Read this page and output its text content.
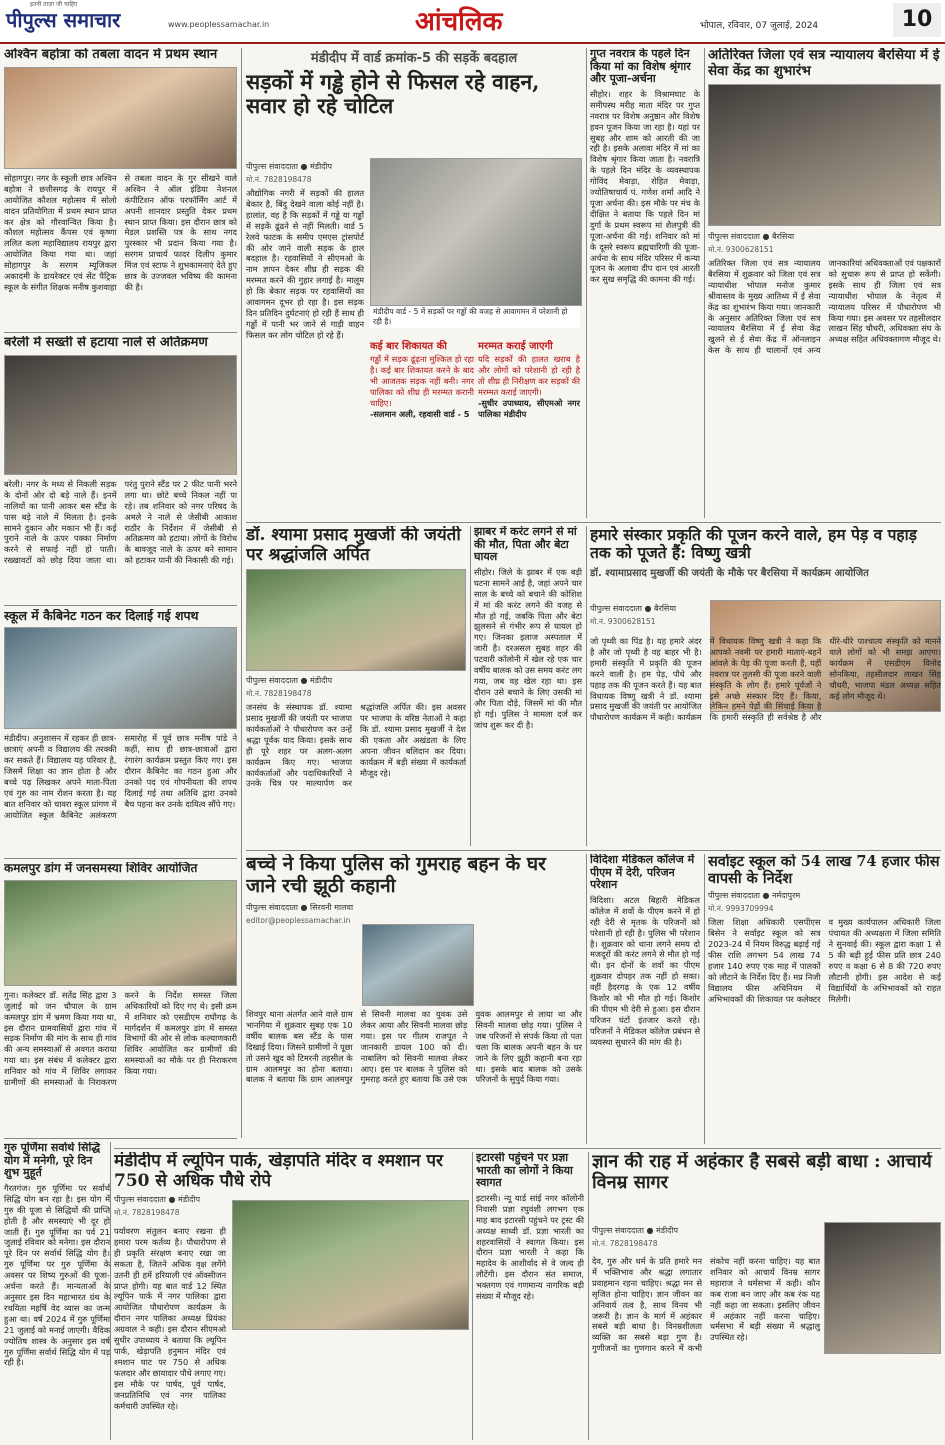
इतनी ताज़ा जी चाहिए
पीपुल्स समाचार	www.peoplessamachar.in	आंचलिक	भोपाल, रविवार, 07 जुलाई, 2024	10
अश्विन बहोत्रा को तबला वादन में प्रथम स्थान
सोहागपुर। नगर के स्कूली छात्र अश्विन बहोत्रा ने छत्तीसगढ़ के रायपुर में आयोजित कौशल महोत्सव में सोलो वादन प्रतियोगिता में प्रथम स्थान प्राप्त कर क्षेत्र को गौरवान्वित किया है। कौशल महोत्सव कैंपस एवं कृष्णा ललित कला महाविद्यालय रायपुर द्वारा आयोजित किया गया था। जहां सोहागपुर के सरगम म्यूजिकल अकादमी के डायरेक्टर एवं सेंट पैट्रिक स्कूल के संगीत शिक्षक मनीष कुशवाहा से तबला वादन के गुर सीखने वाले अश्विन ने ऑल इंडिया नेशनल कंपीटिशन ऑफ परफॉर्मिंग आर्ट में अपनी शानदार प्रस्तुति देकर प्रथम स्थान प्राप्त किया। इस दौरान छात्र को मेडल प्रशस्ति पत्र के साथ नगद पुरस्कार भी प्रदान किया गया है। सरगम प्राचार्य फादर दिलीप कुमार मिंज एवं स्टाफ ने शुभकामनाएं देते हुए छात्र के उज्जवल भविष्य की कामना की है।
बरेली में सख्ती से हटाया नाले से अतिक्रमण
बरेली। नगर के मध्य से निकली सड़क के दोनों ओर दो बड़े नाले हैं। इनमें नालियों का पानी आकर बस स्टैंड के पास बड़े नाले में मिलता है। इनके सामने दुकान और मकान भी हैं। कई पुराने नाले के ऊपर पक्का निर्माण करने से सफाई नहीं हो पाती। रख्खावटों को छोड़ दिया जाता था। परंतु पुराने स्टैंड पर 2 फीट पानी भरने लगा था। छोटे बच्चे निकल नहीं पा रहे। तब शनिवार को नगर परिषद के अमले ने नाले से जेसीबी आकाश राठौर के निर्देशन में जेसीबी से अतिक्रमण को हटाया। लोगों के विरोध के बावजूद नाले के ऊपर बने सामान को हटाकर पानी की निकासी की गई।
स्कूल में कैबिनेट गठन कर दिलाई गई शपथ
मंडीदीप। अनुशासन में रहकर ही छात्र-छात्राएं अपनी व विद्यालय की तरक्की कर सकते हैं। विद्यालय यह परिवार है, जिसमें शिक्षा का ज्ञान होता है और बच्चे पढ़ लिखकर अपने माता-पिता एवं गुरु का नाम रोशन करता है। यह बात शनिवार को चावरा स्कूल प्रांगण में आयोजित स्कूल कैबिनेट अलंकरण समारोह में पूर्व छात्र मनीष पांडे ने कहीं, साथ ही छात्र-छात्राओं द्वारा रंगारंग कार्यक्रम प्रस्तुत किए गए। इस दौरान कैबिनेट का गठन हुआ और उनको पद एवं गोपनीयता की शपथ दिलाई गई तथा अतिथि द्वारा उनको बैच पहना कर उनके दायित्व सौंपे गए।
कमलपुर डांग में जनसमस्या शिविर आयोजित
गुना। कलेक्टर डॉ. सतेंद्र सिंह द्वारा 3 जुलाई को जन चौपाल के ग्राम कमलपुर डांग में भ्रमण किया गया था, इस दौरान ग्रामवासियों द्वारा गांव में सड़क निर्माण की मांग के साथ ही गांव की अन्य समस्याओं से अवगत कराया गया था। इस संबंध में कलेक्टर द्वारा शनिवार को गांव में शिविर लगाकर ग्रामीणों की समस्याओं के निराकरण करने के निर्देश समस्त जिला अधिकारियों को दिए गए थे। इसी क्रम में शनिवार को एसडीएम राघौगढ़ के मार्गदर्शन में कमलपुर डांग में समस्त विभागों की ओर से लोक कल्याणकारी शिविर आयोजित कर ग्रामीणों की समस्याओं का मौके पर ही निराकरण किया गया।
गुरु पूर्णिमा सर्वार्थ सिद्धि योग में मनेगी, पूरे दिन शुभ मुहूर्त
गैरतगंज। गुरु पूर्णिमा पर सर्वार्थ सिद्धि योग बन रहा है। इस योग में गुरु की पूजा से सिद्धियों की प्राप्ति होती है और समस्याएं भी दूर हो जाती हैं। गुरु पूर्णिमा का पर्व 21 जुलाई रविवार को मनेगा। इस दौरान पूरे दिन पर सर्वार्थ सिद्धि योग है। गुरु पूर्णिमा पर गुरु पूर्णिमा के अवसर पर शिष्य गुरुओं की पूजा-अर्चना करते हैं। मान्यताओं के अनुसार इस दिन महाभारत ग्रंथ के रचयिता महर्षि वेद व्यास का जन्म हुआ था। वर्ष 2024 में गुरु पूर्णिमा 21 जुलाई को मनाई जाएगी। वैदिक ज्योतिष शास्त्र के अनुसार इस वर्ष गुरु पूर्णिमा सर्वार्थ सिद्धि योग में पड़ रही है।
मंडीदीप में वार्ड क्रमांक-5 की सड़कें बदहाल
सड़कों में गड्ढे होने से फिसल रहे वाहन, सवार हो रहे चोटिल
पीपुल्स संवाददाता ● मंडीदीप
मो.नं. 7828198478
औद्योगिक नगरी में सड़कों की हालत बेकार है, बिंदु देखने वाला कोई नहीं है। हालांत, वह है कि सड़कों में गड्ढे या गड्ढों में सड़कें ढूंढने से नहीं मिलती। वार्ड 5 रेलवे फाटक के समीप एमएस ट्रांसपोर्ट की ओर जाने वाली सड़क के हाल बदहाल है। रहवासियों ने सीएमओ के नाम ज्ञापन देकर शीघ्र ही सड़क की मरम्मत करने की गुहार लगाई है। मालूम हो कि बेकार सड़क पर रहवासियों का आवागमन दूभर हो रहा है। इस सड़क दिन प्रतिदिन दुर्घटनाएं हो रही हैं साथ ही गड्ढों में पानी भर जाने से गाड़ी वाहन फिसल कर लोग चोटिल हो रहे हैं।
मंडीदीप वार्ड - 5 में सड़कों पर गड्ढों की वजह से आवागमन में परेशानी हो रही है।
कई बार शिकायत की
गड्ढों में सड़क ढूंढ़ना मुश्किल हो रहा है। कई बार शिकायत करने के बाद भी आजतक सड़क नहीं बनी। नगर पालिका को शीघ्र ही मरम्मत करानी चाहिए।
-सलमान अली, रहवासी वार्ड - 5
मरम्मत कराई जाएगी
यदि सड़कों की हालत खराब है और लोगों को परेशानी हो रही है तो शीघ्र ही निरीक्षण कर सड़कों की मरम्मत कराई जाएगी।
-सुधीर उपाध्याय, सीएमओ नगर पालिका मंडीदीप
गुप्त नवरात्र के पहले दिन किया मां का विशेष श्रृंगार और पूजा-अर्चना
सीहोर। शहर के विश्रामघाट के समीपस्थ मरीह माता मंदिर पर गुप्त नवरात्र पर विशेष अनुष्ठान और विशेष हवन पूजन किया जा रहा है। यहां पर सुबह और शाम को आरती की जा रही है। इसके अलावा मंदिर में मां का विशेष श्रृंगार किया जाता है। नवरात्रि के पहले दिन मंदिर के व्यवस्थापक गोविंद मेवाड़ा, रोहित मेवाड़ा, ज्योतिषाचार्य पं. गणेश शर्मा आदि ने पूजा अर्चना की। इस मौके पर मंच के दीक्षित ने बताया कि पहले दिन मां दुर्गा के प्रथम स्वरूप मां शैलपुत्री की पूजा-अर्चना की गई। शनिवार को मां के दूसरे स्वरूप ब्रह्मचारिणी की पूजा-अर्चना के साथ मंदिर परिसर में कन्या पूजन के अलावा दीप दान एवं आरती कर सुख समृद्धि की कामना की गई।
अतिरिक्त जिला एवं सत्र न्यायालय बैरसिया में ई सेवा केंद्र का शुभारंभ
पीपुल्स संवाददाता ● बैरसिया
मो.नं. 9300628151
अतिरिक्त जिला एवं सत्र न्यायालय बैरसिया में शुक्रवार को जिला एवं सत्र न्यायाधीश भोपाल मनोज कुमार श्रीवास्तव के मुख्य आतिथ्य में ई सेवा केंद्र का शुभारंभ किया गया। जानकारी के अनुसार अतिरिक्त जिला एवं सत्र न्यायालय बैरसिया में ई सेवा केंद्र खुलने से ई सेवा केंद्र में ऑनलाइन केस के साथ ही चालानों एवं अन्य जानकारियां अधिवक्ताओं एवं पक्षकारों को सुचारू रूप से प्राप्त हो सकेंगी। इसके साथ ही जिला एवं सत्र न्यायाधीश भोपाल के नेतृत्व में न्यायालय परिसर में पौधारोपण भी किया गया। इस अवसर पर तहसीलदार लाखन सिंह चौधरी, अधिवक्ता संघ के अध्यक्ष सहित अधिवक्तागण मौजूद थे।
डॉ. श्यामा प्रसाद मुखर्जी की जयंती पर श्रद्धांजलि अर्पित
पीपुल्स संवाददाता ● मंडीदीप
मो.नं. 7828198478
जनसंघ के संस्थापक डॉ. श्यामा प्रसाद मुखर्जी की जयंती पर भाजपा कार्यकर्ताओं ने पौधारोपण कर उन्हें श्रद्धा पूर्वक याद किया। इसके साथ ही पूरे शहर पर अलग-अलग कार्यक्रम किए गए। भाजपा कार्यकर्ताओं और पदाधिकारियों ने उनके चित्र पर माल्यार्पण कर श्रद्धांजलि अर्पित की। इस अवसर पर भाजपा के वरिष्ठ नेताओं ने कहा कि डॉ. श्यामा प्रसाद मुखर्जी ने देश की एकता और अखंडता के लिए अपना जीवन बलिदान कर दिया। कार्यक्रम में बड़ी संख्या में कार्यकर्ता मौजूद रहे।
झाबर में करंट लगने से मां की मौत, पिता और बेटा घायल
सीहोर। जिले के झाबर में एक बड़ी घटना सामने आई है, जहां अपने चार साल के बच्चे को बचाने की कोशिश में मां की करंट लगने की वजह से मौत हो गई, जबकि पिता और बेटा झुलसने से गंभीर रूप से घायल हो गए। जिनका इलाज अस्पताल में जारी है। दरअसल सुबह शहर की पटवारी कॉलोनी में खेल रहे एक चार वर्षीय बालक को उस समय करंट लग गया, जब वह खेल रहा था। इस दौरान उसे बचाने के लिए उसकी मां और पिता दौड़े, जिसमें मां की मौत हो गई। पुलिस ने मामला दर्ज कर जांच शुरू कर दी है।
हमारे संस्कार प्रकृति की पूजन करने वाले, हम पेड़ व पहाड़ तक को पूजते हैं: विष्णु खत्री
डॉ. श्यामाप्रसाद मुखर्जी की जयंती के मौके पर बैरसिया में कार्यक्रम आयोजित
पीपुल्स संवाददाता ● बैरसिया
मो.नं. 9300628151
जो पृथ्वी का पिंड है। यह हमारे अंदर है और जो पृथ्वी है वह बाहर भी है। हमारी संस्कृति में प्रकृति की पूजन करने वाली है। हम पेड़, पौधे और पहाड़ तक की पूजन करते हैं। यह बात विधायक विष्णु खत्री ने डॉ. श्यामा प्रसाद मुखर्जी की जयंती पर आयोजित पौधारोपण कार्यक्रम में कही। कार्यक्रम में विधायक विष्णु खत्री ने कहा कि आपको नवमी पर हमारी माताएं-बहनें आंवले के पेड़ की पूजा करती हैं, यहीं नवरात्र पर तुलसी की पूजा करने वाली संस्कृति के लोग हैं। हमारे पूर्वजों ने इसे अच्छे संस्कार दिए हैं। किया, लेकिन हमने पेड़ों की सिंचाई किया है कि हमारी संस्कृति ही सर्वश्रेष्ठ है और धीरे-धीरे पाश्चात्य संस्कृति को मानने वाले लोगों को भी समझ आएगा। कार्यक्रम में एसडीएम विनोद सोनकिया, तहसीलदार लाखन सिंह चौधरी, भाजपा मंडल अध्यक्ष सहित कई लोग मौजूद थे।
बच्चे ने किया पुलिस को गुमराह बहन के घर जाने रची झूठी कहानी
पीपुल्स संवाददाता ● सिरवनी मालवा
editor@peoplessamachar.in
शिवपुर थाना अंतर्गत आने वाले ग्राम भानगिया में शुक्रवार सुबह एक 10 वर्षीय बालक बस स्टैंड के पास दिखाई दिया। जिसने ग्रामीणों ने पूछा तो उसने खुद को टिमरनी तहसील के ग्राम आलमपुर का होना बताया। बालक ने बताया कि ग्राम आलमपुर से सिवनी मालवा का युवक उसे लेकर आया और सिवनी मालवा छोड़ गया। इस पर गीतम राजपूत ने जानकारी डायल 100 को दी। नाबालिग को सिवनी मालवा लेकर आए। इस पर बालक ने पुलिस को गुमराह करते हुए बताया कि उसे एक युवक आलमपुर से लाया था और सिवनी मालवा छोड़ गया। पुलिस ने जब परिजनों से संपर्क किया तो पता चला कि बालक अपनी बहन के घर जाने के लिए झूठी कहानी बना रहा था। इसके बाद बालक को उसके परिजनों के सुपुर्द किया गया।
विदिशा मेडिकल कॉलेज में पीएम में देरी, परिजन परेशान
विदिशा। अटल बिहारी मेडिकल कॉलेज में शवों के पीएम करने में हो रही देरी से मृतक के परिजनों को परेशानी हो रही है। पुलिस भी परेशान है। शुक्रवार को थाना लगने समय दो मजदूरों की करंट लगने से मौत हो गई थी। इन दोनों के शवों का पीएम शुक्रवार दोपहर तक नहीं हो सका। वहीं हैदरगढ़ के एक 12 वर्षीय किशोर को भी मौत हो गई। किशोर की पीएम भी देरी से हुआ। इस दौरान परिजन घंटों इंतजार करते रहे। परिजनों ने मेडिकल कॉलेज प्रबंधन से व्यवस्था सुधारने की मांग की है।
सर्वाइट स्कूल को 54 लाख 74 हजार फीस वापसी के निर्देश
पीपुल्स संवाददाता ● नर्मदापुरम
मो.नं. 9993709994
जिला शिक्षा अधिकारी एसपीएस बिसेन ने सर्वाइट स्कूल को सत्र 2023-24 में नियम विरुद्ध बढ़ाई गई फीस राशि लगभग 54 लाख 74 हजार 140 रुपए एक माह में पालकों को लौटाने के निर्देश दिए हैं। मप्र निजी विद्यालय फीस अधिनियम में अभिभावकों की शिकायत पर कलेक्टर व मुख्य कार्यपालन अधिकारी जिला पंचायत की अध्यक्षता में जिला समिति ने सुनवाई की। स्कूल द्वारा कक्षा 1 से 5 की बढ़ी हुई फीस प्रति छात्र 240 रुपए व कक्षा 6 से 8 की 720 रुपए लौटानी होगी। इस आदेश से कई विद्यार्थियों के अभिभावकों को राहत मिलेगी।
मंडीदीप में ल्यूपिन पार्क, खेड़ापति मंदिर व श्मशान पर 750 से अधिक पौधे रोपे
पीपुल्स संवाददाता ● मंडीदीप
मो.नं. 7828198478
पर्यावरण संतुलन बनाए रखना ही हमारा परम कर्तव्य है। पौधारोपण से ही प्रकृति संरक्षण बनाए रखा जा सकता है, जितने अधिक वृक्ष लगेंगे उतनी ही हमें हरियाली एवं ऑक्सीजन प्राप्त होगी। यह बात वार्ड 12 स्थित ल्यूपिन पार्क में नगर पालिका द्वारा आयोजित पौधारोपण कार्यक्रम के दौरान नगर पालिका अध्यक्ष प्रियंका अग्रवाल ने कही। इस दौरान सीएमओ सुधीर उपाध्याय ने बताया कि ल्यूपिन पार्क, खेड़ापति हनुमान मंदिर एवं श्मशान घाट पर 750 से अधिक फलदार और छायादार पौधे लगाए गए। इस मौके पर पार्षद, पूर्व पार्षद, जनप्रतिनिधि एवं नगर पालिका कर्मचारी उपस्थित रहे।
इटारसी पहुंचने पर प्रज्ञा भारती का लोगों ने किया स्वागत
इटारसी। न्यू यार्ड सांई नगर कॉलोनी निवासी प्रज्ञा रघुवंशी लगभग एक माह बाद इटारसी पहुंचने पर ट्रस्ट की अध्यक्ष साध्वी डॉ. प्रज्ञा भारती का शहरवासियों ने स्वागत किया। इस दौरान प्रज्ञा भारती ने कहा कि महादेव के आशीर्वाद से वे जल्द ही लौटेंगी। इस दौरान संत समाज, भक्तगण एवं गणमान्य नागरिक बड़ी संख्या में मौजूद रहे।
ज्ञान की राह में अहंकार है सबसे बड़ी बाधा : आचार्य विनम्र सागर
पीपुल्स संवाददाता ● मंडीदीप
मो.नं. 7828198478
देव, गुरु और धर्म के प्रति हमारे मन में भक्तिभाव और श्रद्धा लगातार प्रवाहमान रहना चाहिए। श्रद्धा मन से सृजित होना चाहिए। ज्ञान जीवन का अनिवार्य तत्व है, साथ विनय भी जरूरी है। ज्ञान के मार्ग में अहंकार सबसे बड़ी बाधा है। विनम्रशीलता व्यक्ति का सबसे बड़ा गुण है। गुणीजनों का गुणगान करने में कभी संकोच नहीं करना चाहिए। यह बात शनिवार को आचार्य विनम्र सागर महाराज ने धर्मसभा में कही। कौन कब राजा बन जाए और कब रंक यह नहीं कहा जा सकता। इसलिए जीवन में अहंकार नहीं करना चाहिए। धर्मसभा में बड़ी संख्या में श्रद्धालु उपस्थित रहे।
